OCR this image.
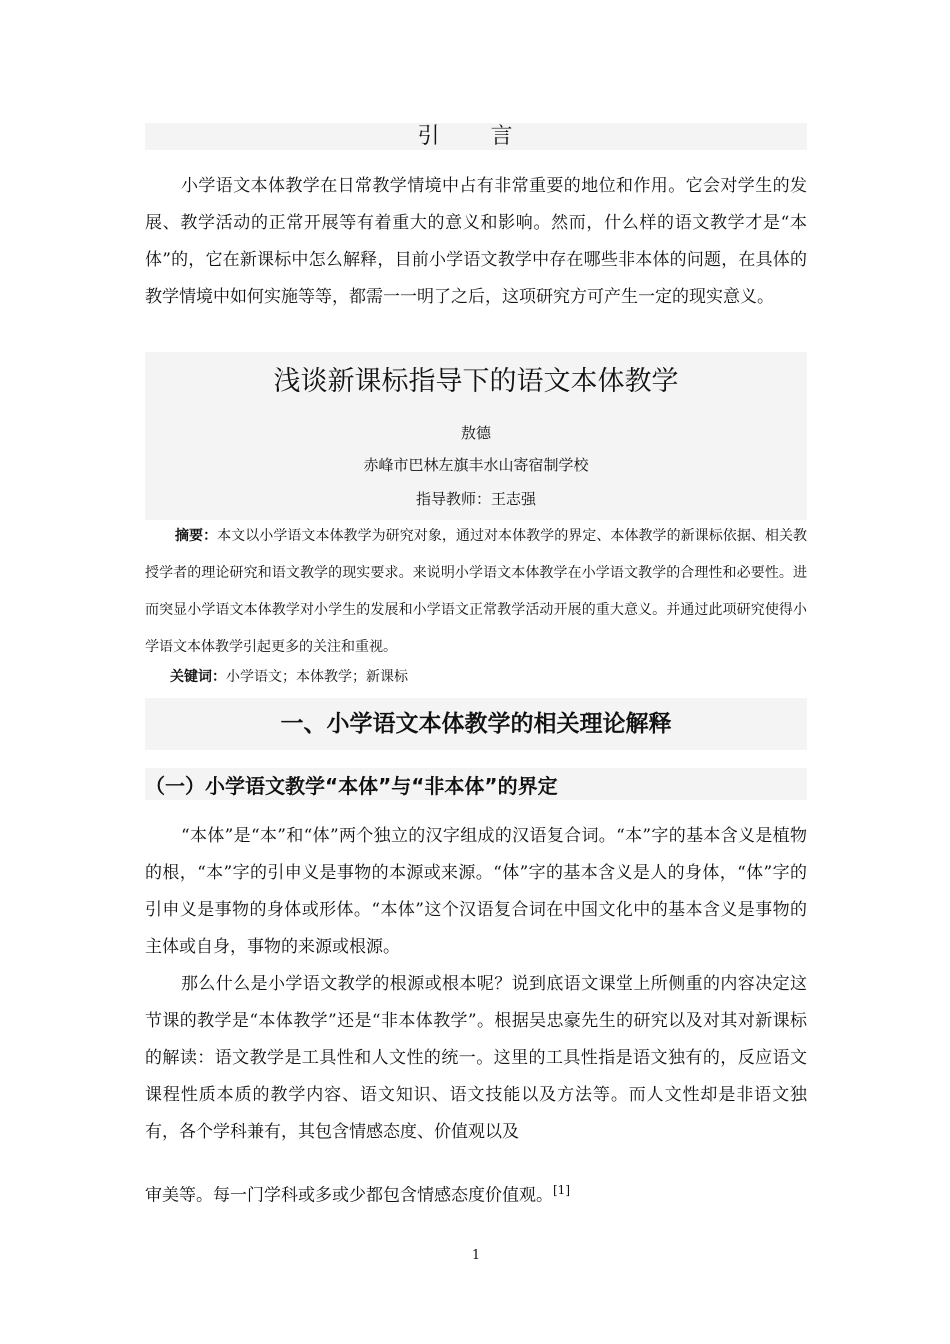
引 言

小学语文本体教学在日常教学情境中占有非常重要的地位和作用。它会对学生的发展、教学活动的正常开展等有着重大的意义和影响。然而，什么样的语文教学才是“本体”的，它在新课标中怎么解释，目前小学语文教学中存在哪些非本体的问题，在具体的教学情境中如何实施等等，都需一一明了之后，这项研究方可产生一定的现实意义。

浅谈新课标指导下的语文本体教学
敖德
赤峰市巴林左旗丰水山寄宿制学校
指导教师：王志强

摘要：本文以小学语文本体教学为研究对象，通过对本体教学的界定、本体教学的新课标依据、相关教授学者的理论研究和语文教学的现实要求。来说明小学语文本体教学在小学语文教学的合理性和必要性。进而突显小学语文本体教学对小学生的发展和小学语文正常教学活动开展的重大意义。并通过此项研究使得小学语文本体教学引起更多的关注和重视。

关键词：小学语文；本体教学；新课标
一、小学语文本体教学的相关理论解释
（一）小学语文教学“本体”与“非本体”的界定

“本体”是“本”和“体”两个独立的汉字组成的汉语复合词。“本”字的基本含义是植物的根，“本”字的引申义是事物的本源或来源。“体”字的基本含义是人的身体，“体”字的引申义是事物的身体或形体。“本体”这个汉语复合词在中国文化中的基本含义是事物的主体或自身，事物的来源或根源。

那么什么是小学语文教学的根源或根本呢？说到底语文课堂上所侧重的内容决定这节课的教学是“本体教学”还是“非本体教学”。根据吴忠豪先生的研究以及对其对新课标的解读：语文教学是工具性和人文性的统一。这里的工具性指是语文独有的，反应语文课程性质本质的教学内容、语文知识、语文技能以及方法等。而人文性却是非语文独有，各个学科兼有，其包含情感态度、价值观以及

审美等。每一门学科或多或少都包含情感态度价值观。[1]

1
